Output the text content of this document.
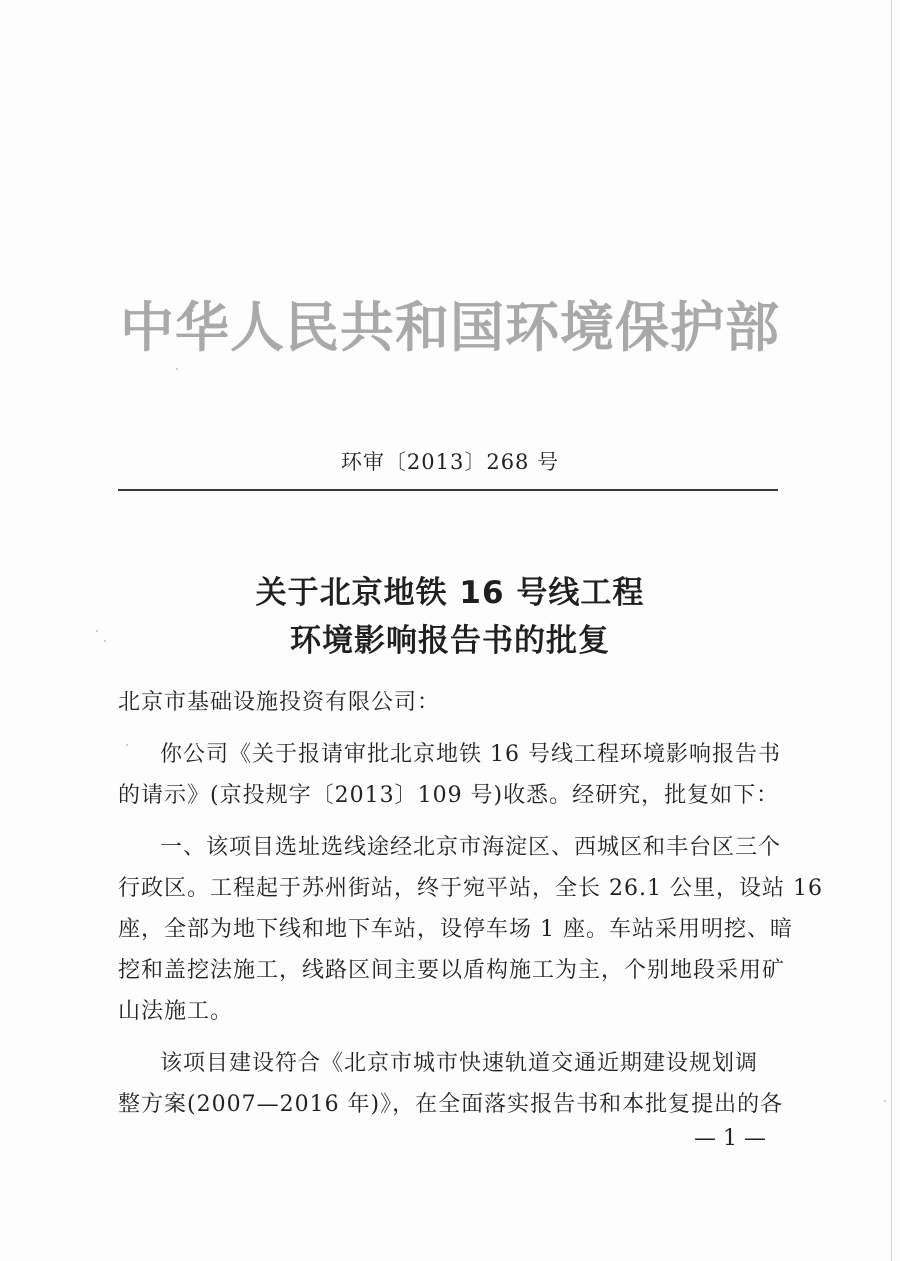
中华人民共和国环境保护部
环审〔2013〕268 号
关于北京地铁 16 号线工程
环境影响报告书的批复
北京市基础设施投资有限公司：
你公司《关于报请审批北京地铁 16 号线工程环境影响报告书
的请示》(京投规字〔2013〕109 号)收悉。经研究，批复如下：
一、该项目选址选线途经北京市海淀区、西城区和丰台区三个
行政区。工程起于苏州街站，终于宛平站，全长 26.1 公里，设站 16
座，全部为地下线和地下车站，设停车场 1 座。车站采用明挖、暗
挖和盖挖法施工，线路区间主要以盾构施工为主，个别地段采用矿
山法施工。
该项目建设符合《北京市城市快速轨道交通近期建设规划调
整方案(2007—2016 年)》，在全面落实报告书和本批复提出的各
— 1 —
